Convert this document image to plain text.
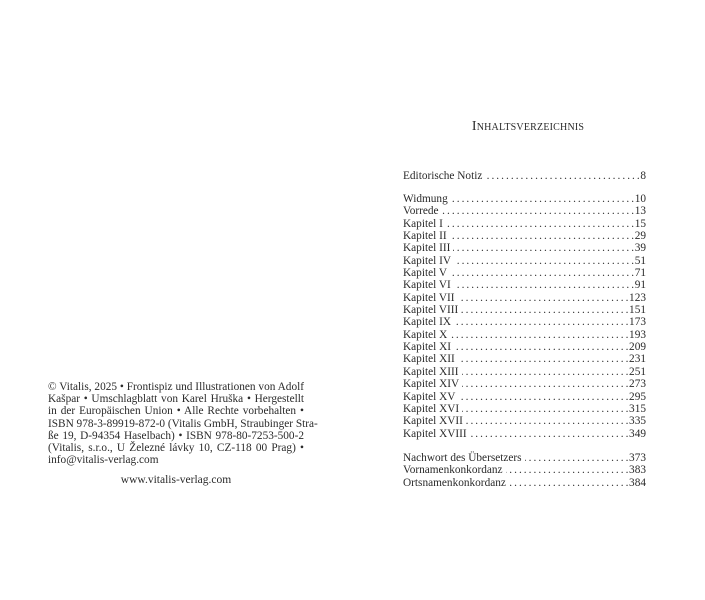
© Vitalis, 2025 • Frontispiz und Illustrationen von Adolf
Kašpar • Umschlagblatt von Karel Hruška • Hergestellt
in der Europäischen Union • Alle Rechte vorbehalten •
ISBN 978-3-89919-872-0 (Vitalis GmbH, Straubinger Stra-
ße 19, D-94354 Haselbach) • ISBN 978-80-7253-500-2
(Vitalis, s.r.o., U Železné lávky 10, CZ-118 00 Prag) •
info@vitalis-verlag.com
www.vitalis-verlag.com
Inhaltsverzeichnis
Editorische Notiz . . .	8
Widmung . . .	10
Vorrede . . .	13
Kapitel I . . .	15
Kapitel II . . .	29
Kapitel III . . .	39
Kapitel IV . . .	51
Kapitel V . . .	71
Kapitel VI . . .	91
Kapitel VII . . .	123
Kapitel VIII . . .	151
Kapitel IX . . .	173
Kapitel X . . .	193
Kapitel XI . . .	209
Kapitel XII . . .	231
Kapitel XIII . . .	251
Kapitel XIV . . .	273
Kapitel XV . . .	295
Kapitel XVI . . .	315
Kapitel XVII . . .	335
Kapitel XVIII . . .	349
Nachwort des Übersetzers . . .	373
Vornamenkonkordanz . . .	383
Ortsnamenkonkordanz . . .	384
